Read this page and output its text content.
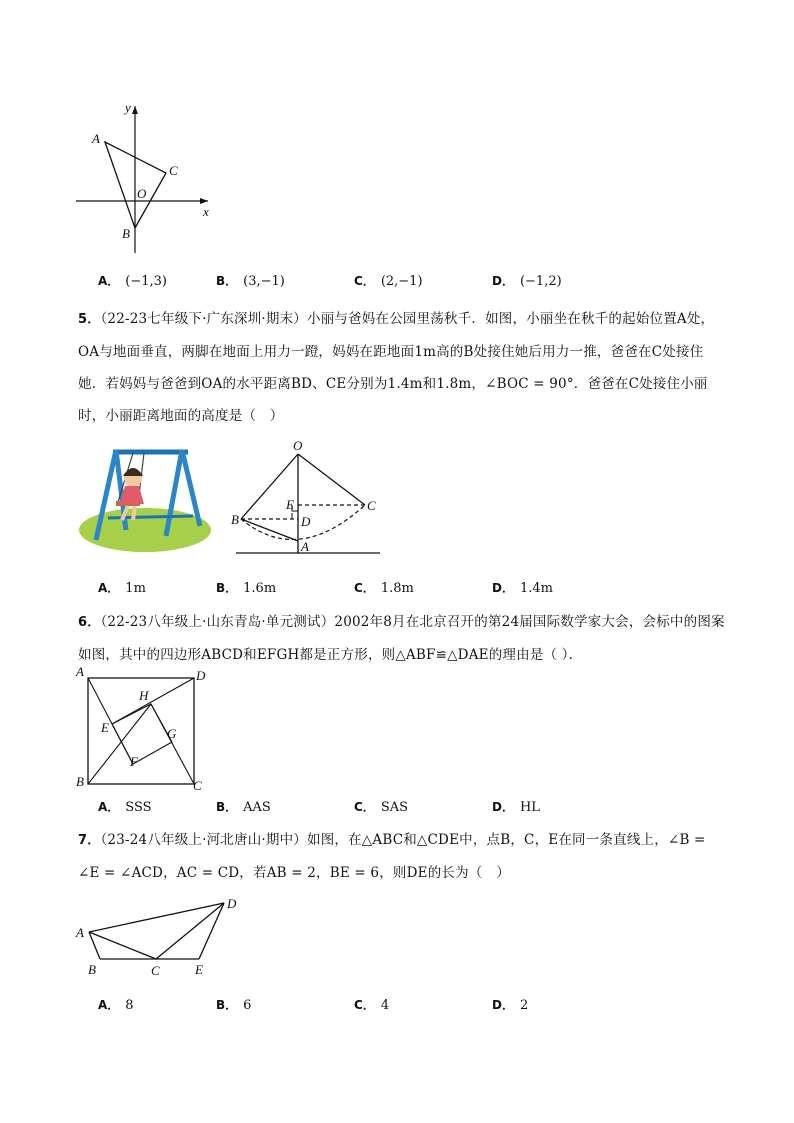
y
x
A
B
C
O
A． (−1,3)	B． (3,−1)	C． (2,−1)	D． (−1,2)
5．（22-23七年级下·广东深圳·期末）小丽与爸妈在公园里荡秋千．如图，小丽坐在秋千的起始位置A处，OA与地面垂直，两脚在地面上用力一蹬，妈妈在距地面1m高的B处接住她后用力一推，爸爸在C处接住她．若妈妈与爸爸到OA的水平距离BD、CE分别为1.4m和1.8m，∠BOC = 90°．爸爸在C处接住小丽时，小丽距离地面的高度是（　）
O
E	C
B	D
A
A． 1m	B． 1.6m	C． 1.8m	D． 1.4m
6．（22-23八年级上·山东青岛·单元测试）2002年8月在北京召开的第24届国际数学家大会，会标中的图案如图，其中的四边形ABCD和EFGH都是正方形，则△ABF≌△DAE的理由是（ ）．
A	D
H
E	G
F
B	C
A． SSS	B． AAS	C． SAS	D． HL
7．（23-24八年级上·河北唐山·期中）如图，在△ABC和△CDE中，点B，C，E在同一条直线上，∠B = ∠E = ∠ACD，AC = CD，若AB = 2，BE = 6，则DE的长为（　）
D
A
B	C	E
A． 8	B． 6	C． 4	D． 2
